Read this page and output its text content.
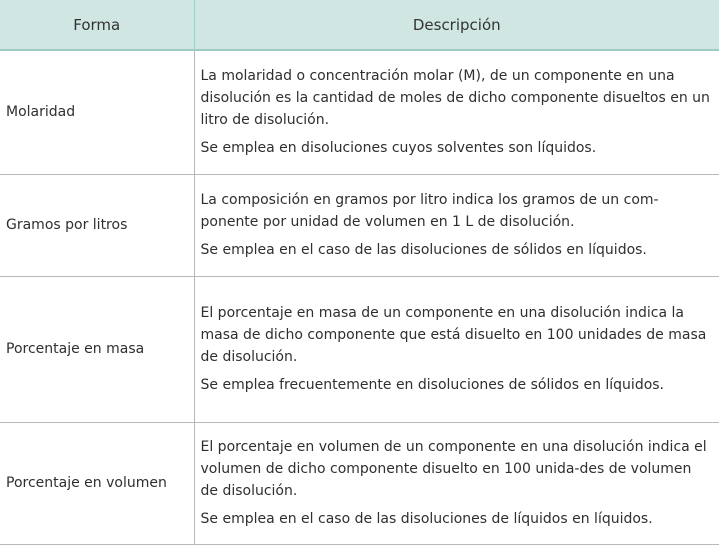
Forma	Descripción
Molaridad	La molaridad o concentración molar (M), de un componente en una disolución es la cantidad de moles de dicho componente disueltos en un litro de disolución.

Se emplea en disoluciones cuyos solventes son líquidos.

Gramos por litros	La composición en gramos por litro indica los gramos de un com-ponente por unidad de volumen en 1 L de disolución.

Se emplea en el caso de las disoluciones de sólidos en líquidos.

Porcentaje en masa	El porcentaje en masa de un componente en una disolución indica la masa de dicho componente que está disuelto en 100 unidades de masa de disolución.

Se emplea frecuentemente en disoluciones de sólidos en líquidos.

Porcentaje en volumen	El porcentaje en volumen de un componente en una disolución indica el volumen de dicho componente disuelto en 100 unida-des de volumen de disolución.

Se emplea en el caso de las disoluciones de líquidos en líquidos.
